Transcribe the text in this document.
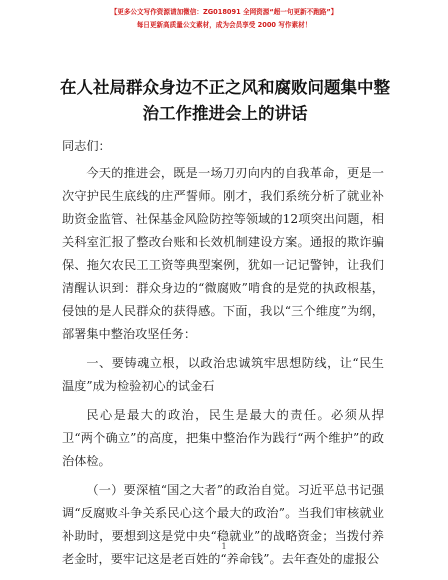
【更多公文写作资源请加微信：ZG018091 全网资源“超一句更新不跑路”】
每日更新高质量公文素材，成为会员享受 2000 写作素材！
在人社局群众身边不正之风和腐败问题集中整
治工作推进会上的讲话

同志们：

今天的推进会，既是一场刀刃向内的自我革命，更是一次守护民生底线的庄严誓师。刚才，我们系统分析了就业补助资金监管、社保基金风险防控等领域的12项突出问题，相关科室汇报了整改台账和长效机制建设方案。通报的欺诈骗保、拖欠农民工工资等典型案例，犹如一记记警钟，让我们清醒认识到：群众身边的“微腐败”啃食的是党的执政根基，侵蚀的是人民群众的获得感。下面，我以“三个维度”为纲，部署集中整治攻坚任务：

一、要铸魂立根，以政治忠诚筑牢思想防线，让“民生温度”成为检验初心的试金石

民心是最大的政治，民生是最大的责任。必须从捍卫“两个确立”的高度，把集中整治作为践行“两个维护”的政治体检。

（一）要深植“国之大者”的政治自觉。习近平总书记强调“反腐败斗争关系民心这个最大的政治”。当我们审核就业补助时，要想到这是党中央“稳就业”的战略资金；当拨付养老金时，要牢记这是老百姓的“养命钱”。去年查处的虚报公

1
